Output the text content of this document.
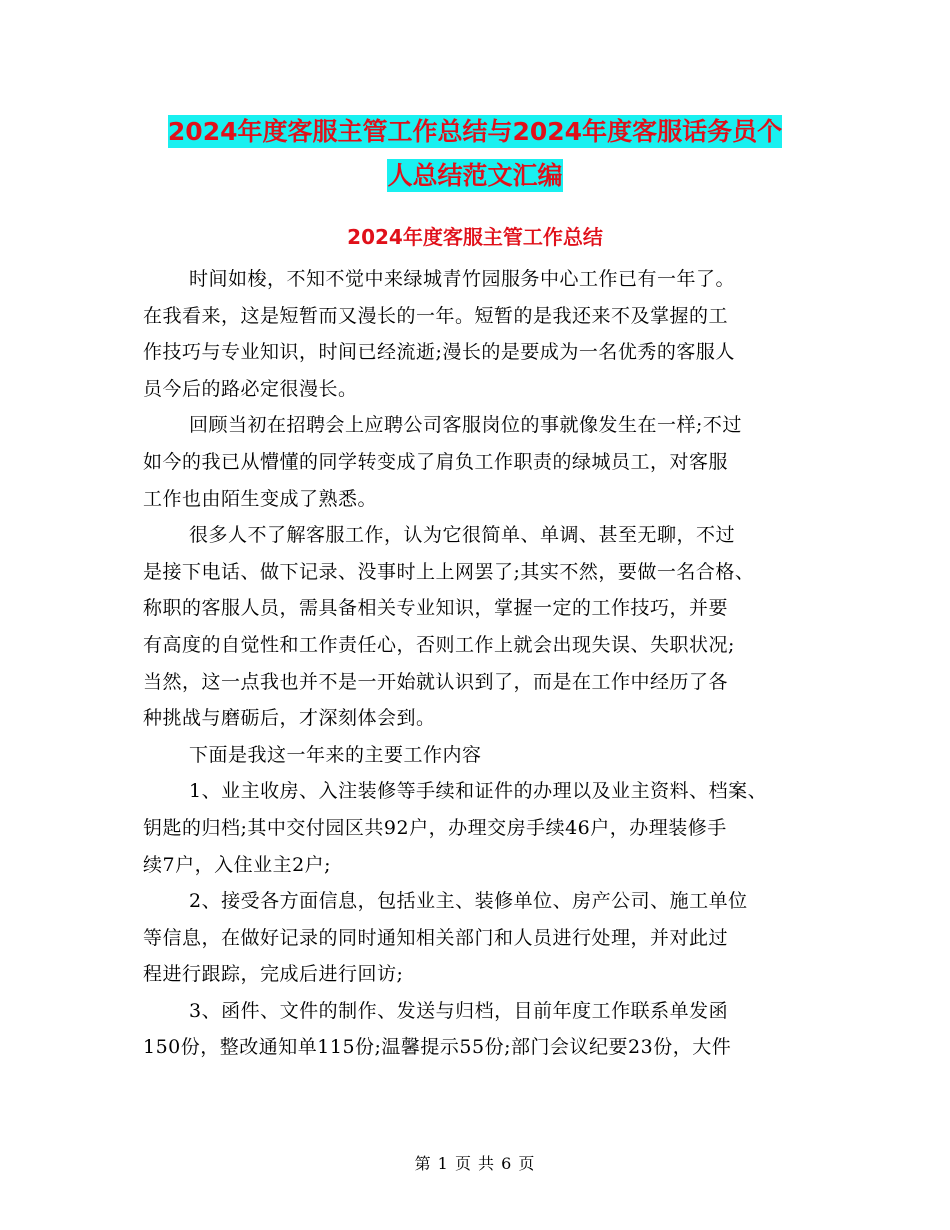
2024年度客服主管工作总结与2024年度客服话务员个
人总结范文汇编
2024年度客服主管工作总结
时间如梭，不知不觉中来绿城青竹园服务中心工作已有一年了。
在我看来，这是短暂而又漫长的一年。短暂的是我还来不及掌握的工
作技巧与专业知识，时间已经流逝;漫长的是要成为一名优秀的客服人
员今后的路必定很漫长。
回顾当初在招聘会上应聘公司客服岗位的事就像发生在一样;不过
如今的我已从懵懂的同学转变成了肩负工作职责的绿城员工，对客服
工作也由陌生变成了熟悉。
很多人不了解客服工作，认为它很简单、单调、甚至无聊，不过
是接下电话、做下记录、没事时上上网罢了;其实不然，要做一名合格、
称职的客服人员，需具备相关专业知识，掌握一定的工作技巧，并要
有高度的自觉性和工作责任心，否则工作上就会出现失误、失职状况;
当然，这一点我也并不是一开始就认识到了，而是在工作中经历了各
种挑战与磨砺后，才深刻体会到。
下面是我这一年来的主要工作内容
1、业主收房、入注装修等手续和证件的办理以及业主资料、档案、
钥匙的归档;其中交付园区共92户，办理交房手续46户，办理装修手
续7户，入住业主2户;
2、接受各方面信息，包括业主、装修单位、房产公司、施工单位
等信息，在做好记录的同时通知相关部门和人员进行处理，并对此过
程进行跟踪，完成后进行回访;
3、函件、文件的制作、发送与归档，目前年度工作联系单发函
150份，整改通知单115份;温馨提示55份;部门会议纪要23份，大件
第 1 页 共 6 页
